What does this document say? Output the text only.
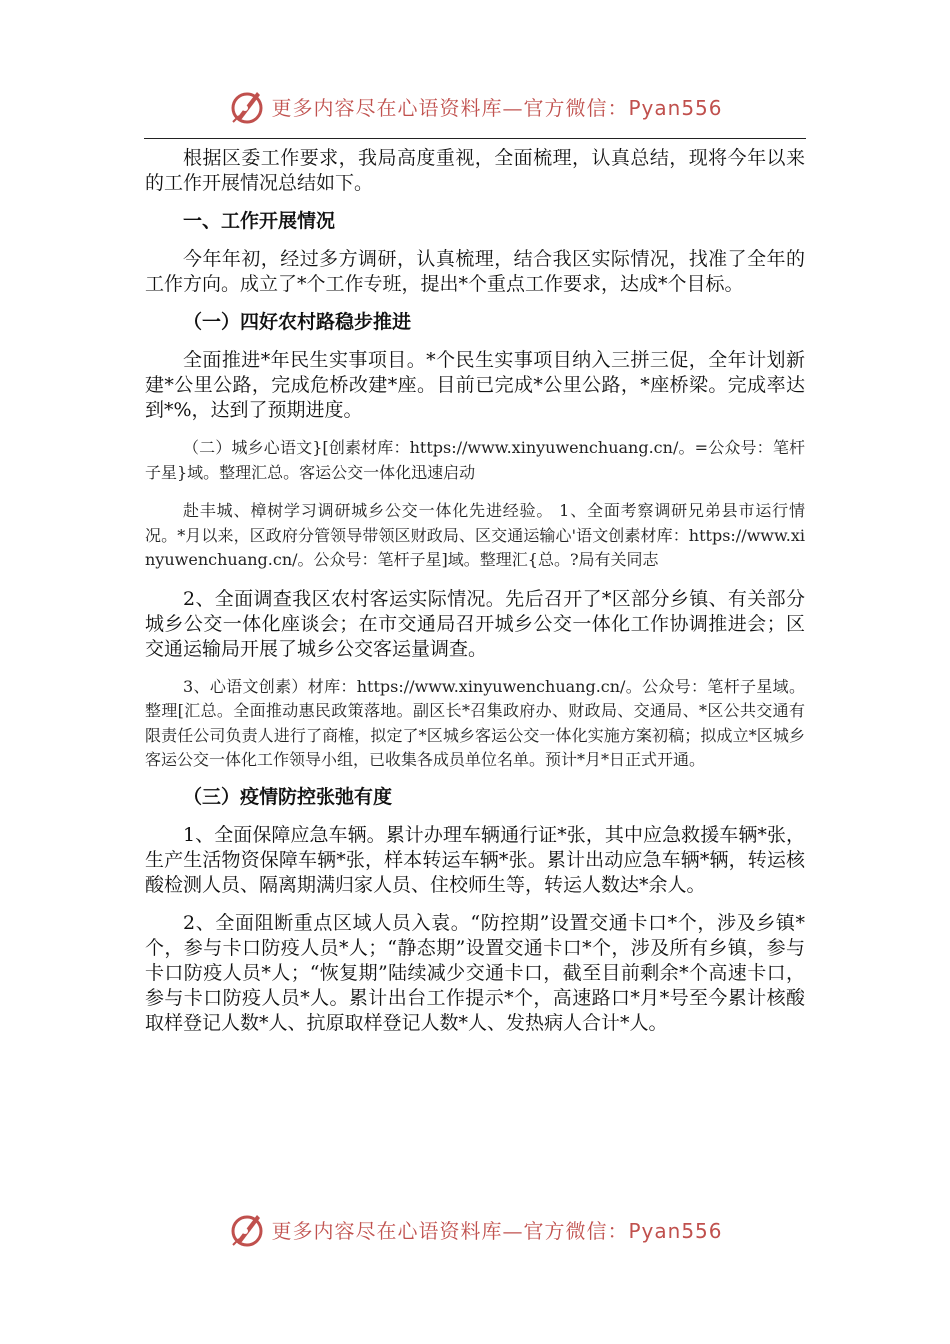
更多内容尽在心语资料库—官方微信：Pyan556

根据区委工作要求，我局高度重视，全面梳理，认真总结，现将今年以来的工作开展情况总结如下。

一、工作开展情况

今年年初，经过多方调研，认真梳理，结合我区实际情况，找准了全年的工作方向。成立了*个工作专班，提出*个重点工作要求，达成*个目标。

（一）四好农村路稳步推进

全面推进*年民生实事项目。*个民生实事项目纳入三拼三促，全年计划新建*公里公路，完成危桥改建*座。目前已完成*公里公路，*座桥梁。完成率达到*%，达到了预期进度。

（二）城乡心语文}[创素材库：https://www.xinyuwenchuang.cn/。=公众号：笔杆子星}域。整理汇总。客运公交一体化迅速启动

赴丰城、樟树学习调研城乡公交一体化先进经验。 1、全面考察调研兄弟县市运行情况。*月以来，区政府分管领导带领区财政局、区交通运输心'语文创素材库：https://www.xinyuwenchuang.cn/。公众号：笔杆子星]域。整理汇{总。?局有关同志

2、全面调查我区农村客运实际情况。先后召开了*区部分乡镇、有关部分城乡公交一体化座谈会；在市交通局召开城乡公交一体化工作协调推进会；区交通运输局开展了城乡公交客运量调查。

3、心语文创素）材库：https://www.xinyuwenchuang.cn/。公众号：笔杆子星域。整理[汇总。全面推动惠民政策落地。副区长*召集政府办、财政局、交通局、*区公共交通有限责任公司负责人进行了商榷，拟定了*区城乡客运公交一体化实施方案初稿；拟成立*区城乡客运公交一体化工作领导小组，已收集各成员单位名单。预计*月*日正式开通。

（三）疫情防控张弛有度

1、全面保障应急车辆。累计办理车辆通行证*张，其中应急救援车辆*张，生产生活物资保障车辆*张，样本转运车辆*张。累计出动应急车辆*辆，转运核酸检测人员、隔离期满归家人员、住校师生等，转运人数达*余人。

2、全面阻断重点区域人员入袁。“防控期”设置交通卡口*个，涉及乡镇*个，参与卡口防疫人员*人；“静态期”设置交通卡口*个，涉及所有乡镇，参与卡口防疫人员*人；“恢复期”陆续减少交通卡口，截至目前剩余*个高速卡口，参与卡口防疫人员*人。累计出台工作提示*个，高速路口*月*号至今累计核酸取样登记人数*人、抗原取样登记人数*人、发热病人合计*人。

更多内容尽在心语资料库—官方微信：Pyan556
